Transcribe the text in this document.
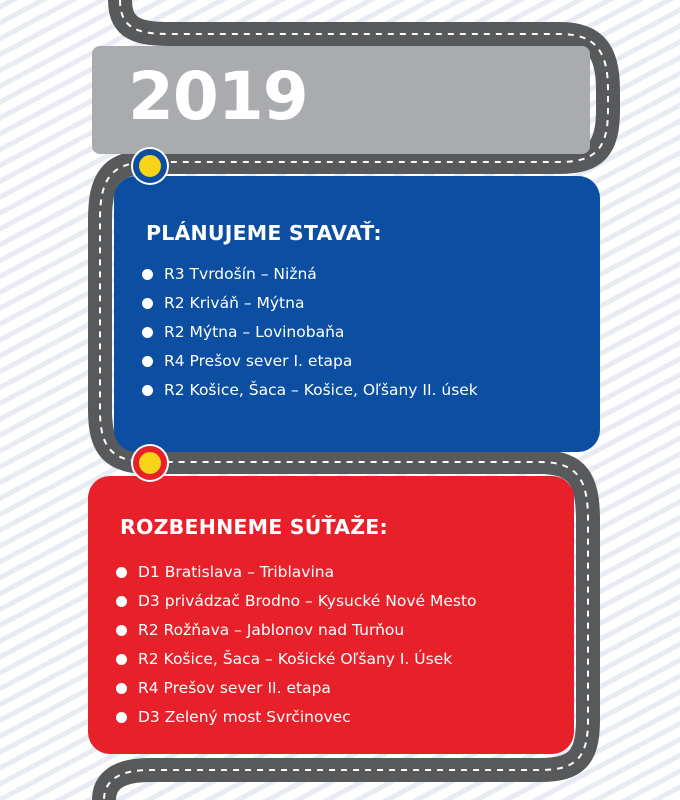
2019
PLÁNUJEME STAVAŤ:
R3 Tvrdošín – Nižná
R2 Kriváň – Mýtna
R2 Mýtna – Lovinobaňa
R4 Prešov sever I. etapa
R2 Košice, Šaca – Košice, Oľšany II. úsek
ROZBEHNEME SÚŤAŽE:
D1 Bratislava – Triblavina
D3 privádzač Brodno – Kysucké Nové Mesto
R2 Rožňava – Jablonov nad Turňou
R2 Košice, Šaca – Košické Oľšany I. Úsek
R4 Prešov sever II. etapa
D3 Zelený most Svrčinovec
